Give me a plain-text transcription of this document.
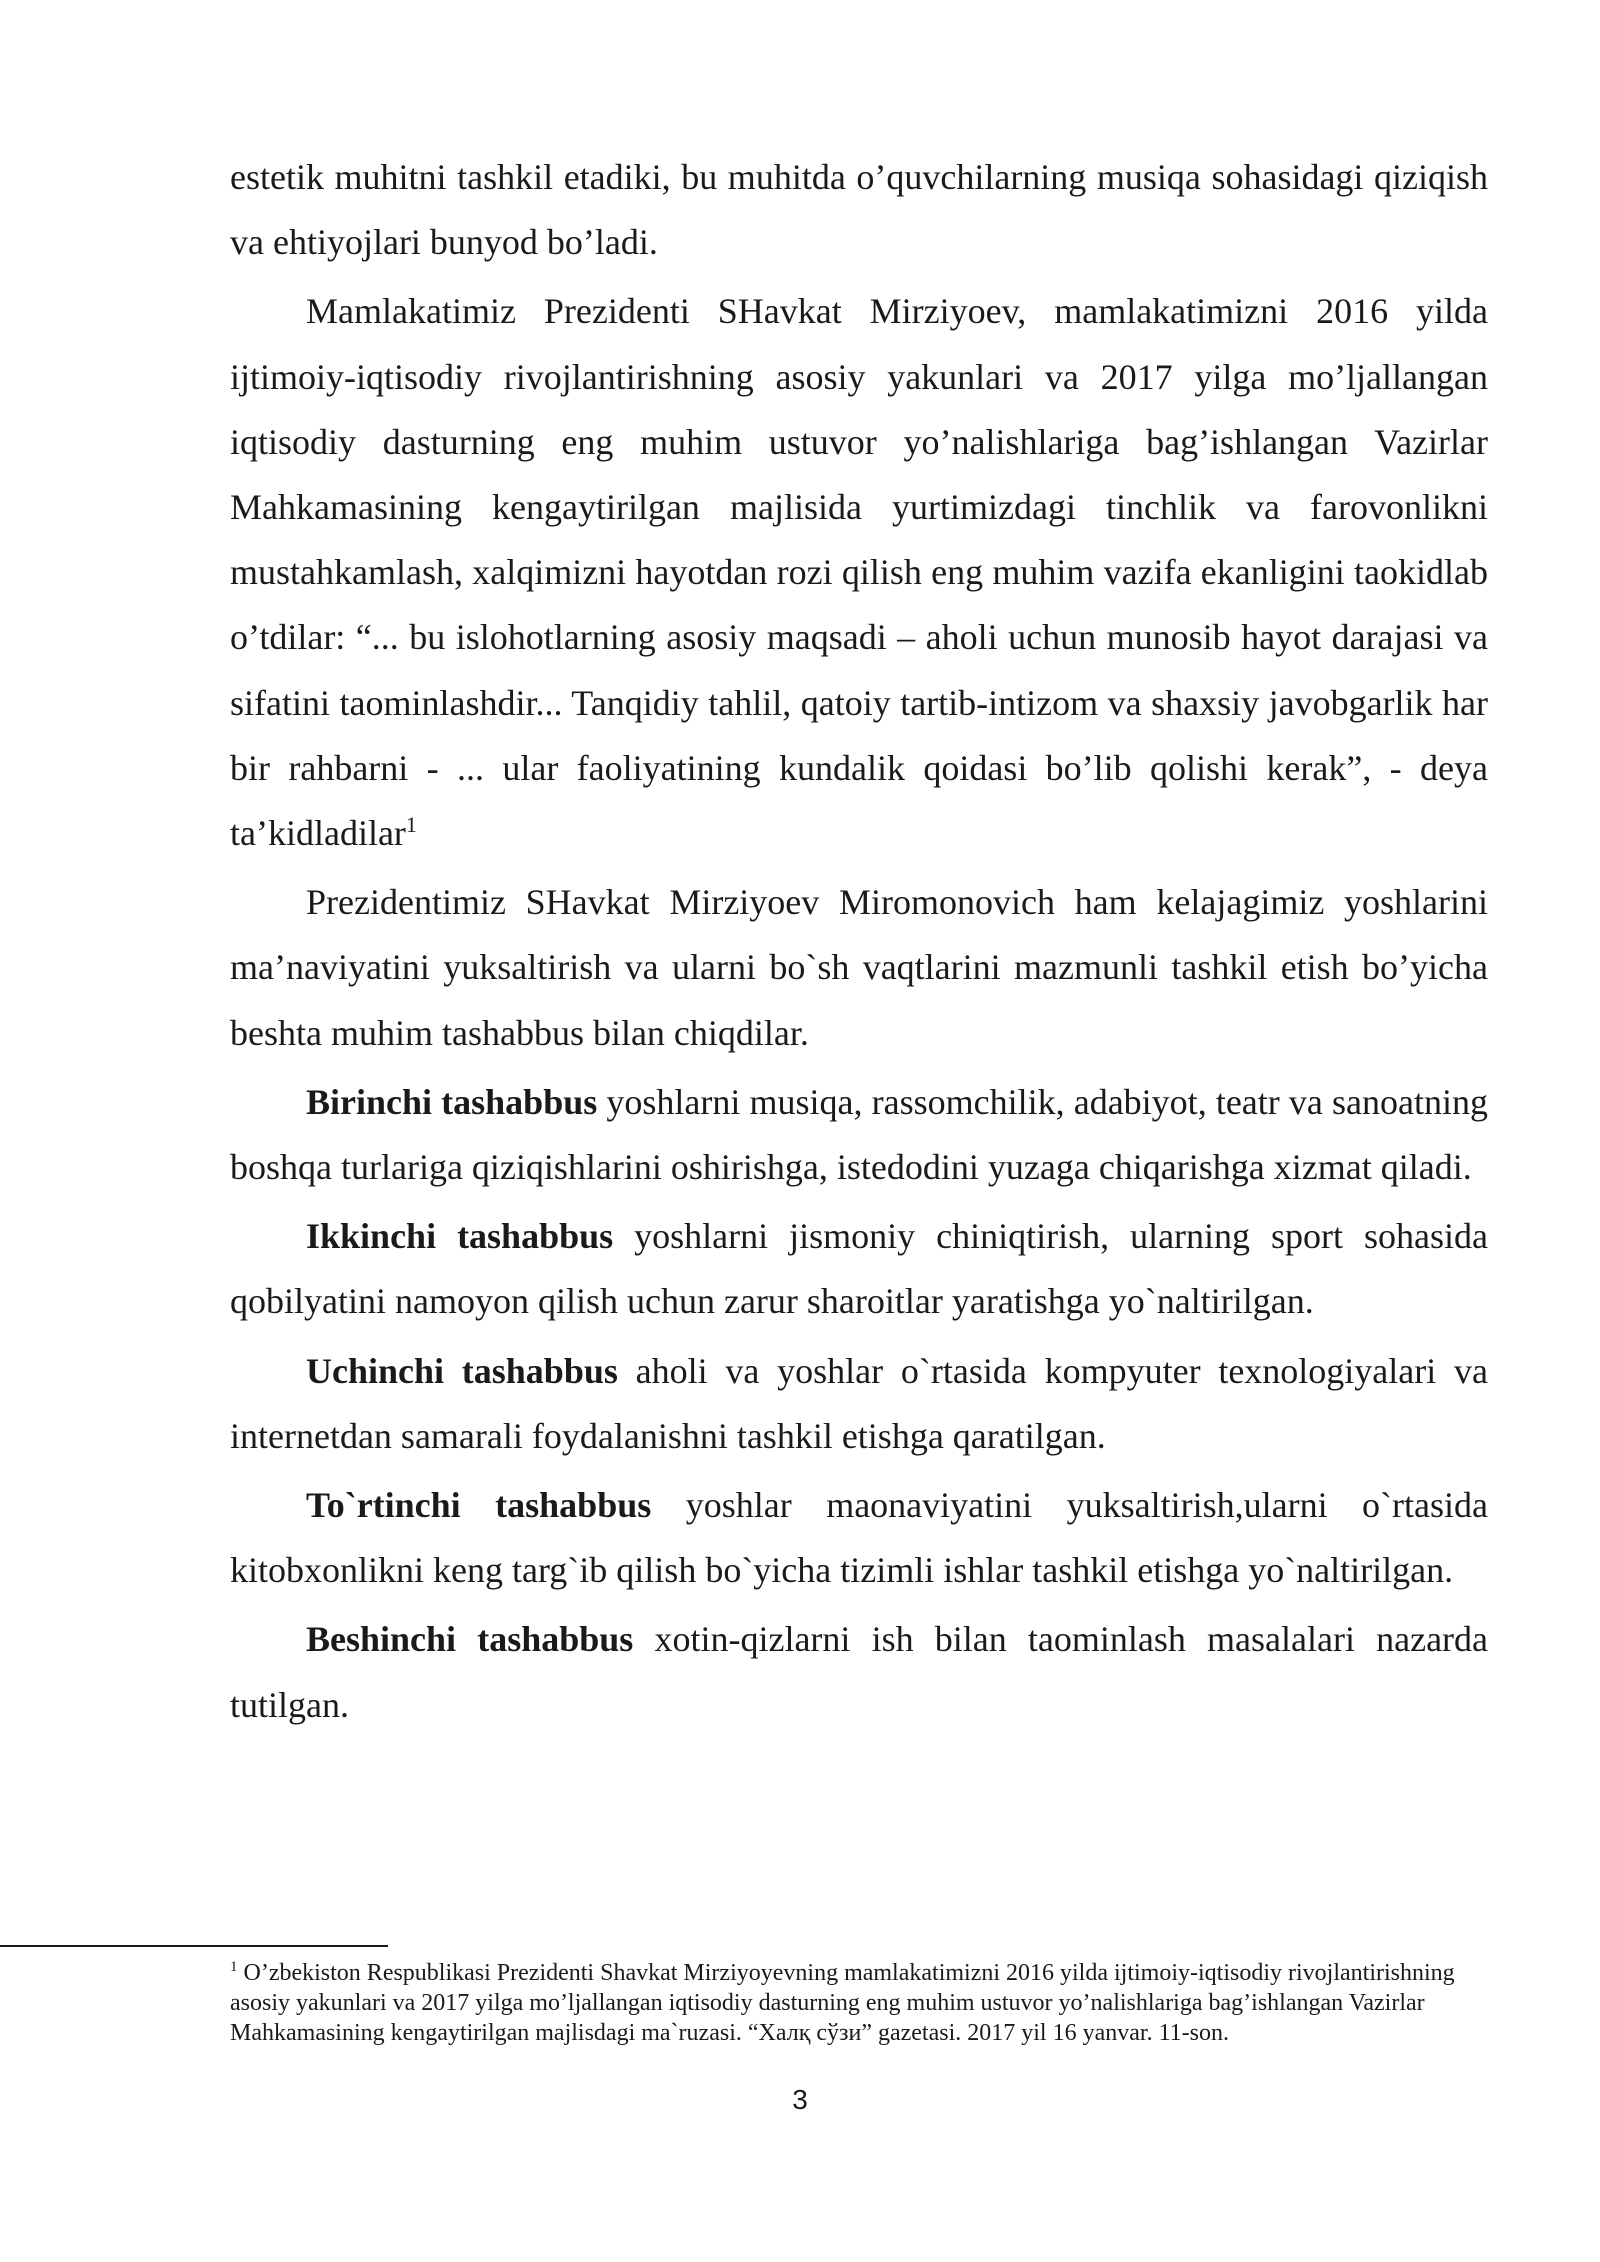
estetik muhitni tashkil etadiki, bu muhitda o’quvchilarning musiqa sohasidagi qiziqish va ehtiyojlari bunyod bo’ladi.

Mamlakatimiz Prezidenti SHavkat Mirziyoev, mamlakatimizni 2016 yilda ijtimoiy-iqtisodiy rivojlantirishning asosiy yakunlari va 2017 yilga mo’ljallangan iqtisodiy dasturning eng muhim ustuvor yo’nalishlariga bag’ishlangan Vazirlar Mahkamasining kengaytirilgan majlisida yurtimizdagi tinchlik va farovonlikni mustahkamlash, xalqimizni hayotdan rozi qilish eng muhim vazifa ekanligini taokidlab o’tdilar: “... bu islohotlarning asosiy maqsadi – aholi uchun munosib hayot darajasi va sifatini taominlashdir... Tanqidiy tahlil, qatoiy tartib-intizom va shaxsiy javobgarlik har bir rahbarni - ... ular faoliyatining kundalik qoidasi bo’lib qolishi kerak”, - deya ta’kidladilar$^1$

Prezidentimiz SHavkat Mirziyoev Miromonovich ham kelajagimiz yoshlarini ma’naviyatini yuksaltirish va ularni bo`sh vaqtlarini mazmunli tashkil etish bo’yicha beshta muhim tashabbus bilan chiqdilar.

Birinchi tashabbus yoshlarni musiqa, rassomchilik, adabiyot, teatr va sanoatning boshqa turlariga qiziqishlarini oshirishga, istedodini yuzaga chiqarishga xizmat qiladi.

Ikkinchi tashabbus yoshlarni jismoniy chiniqtirish, ularning sport sohasida qobilyatini namoyon qilish uchun zarur sharoitlar yaratishga yo`naltirilgan.

Uchinchi tashabbus aholi va yoshlar o`rtasida kompyuter texnologiyalari va internetdan samarali foydalanishni tashkil etishga qaratilgan.

To`rtinchi tashabbus yoshlar maonaviyatini yuksaltirish,ularni o`rtasida kitobxonlikni keng targ`ib qilish bo`yicha tizimli ishlar tashkil etishga yo`naltirilgan.

Beshinchi tashabbus xotin-qizlarni ish bilan taominlash masalalari nazarda tutilgan.

$^1$ O’zbekiston Respublikasi Prezidenti Shavkat Mirziyoyevning mamlakatimizni 2016 yilda ijtimoiy-iqtisodiy rivojlantirishning asosiy yakunlari va 2017 yilga mo’ljallangan iqtisodiy dasturning eng muhim ustuvor yo’nalishlariga bag’ishlangan Vazirlar Mahkamasining kengaytirilgan majlisdagi ma`ruzasi. “Халқ сўзи” gazetasi. 2017 yil 16 yanvar. 11-son.

3
